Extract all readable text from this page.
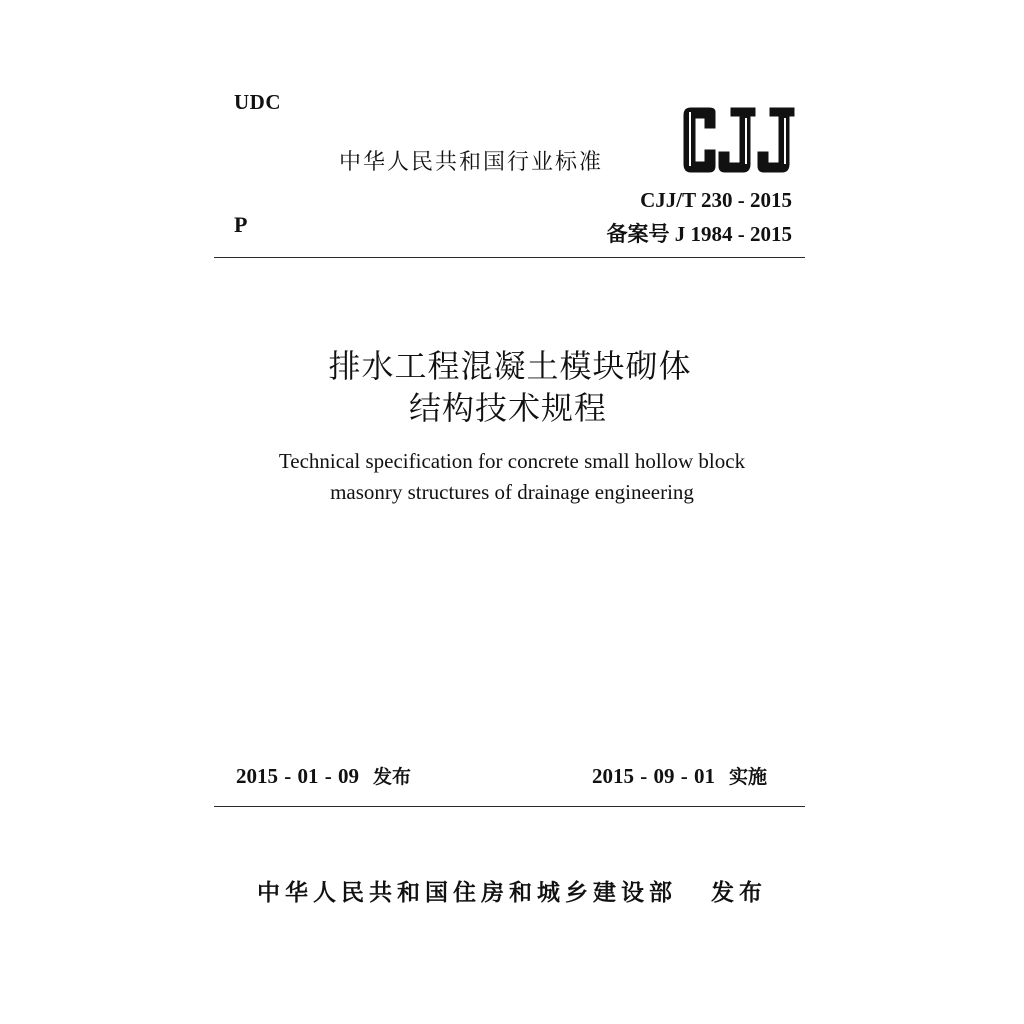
UDC
中华人民共和国行业标准
CJJ/T 230 - 2015
P	备案号 J 1984 - 2015
排水工程混凝土模块砌体
结构技术规程
Technical specification for concrete small hollow block
masonry structures of drainage engineering
2015 - 01 - 09 发布	2015 - 09 - 01 实施
中华人民共和国住房和城乡建设部 发布
